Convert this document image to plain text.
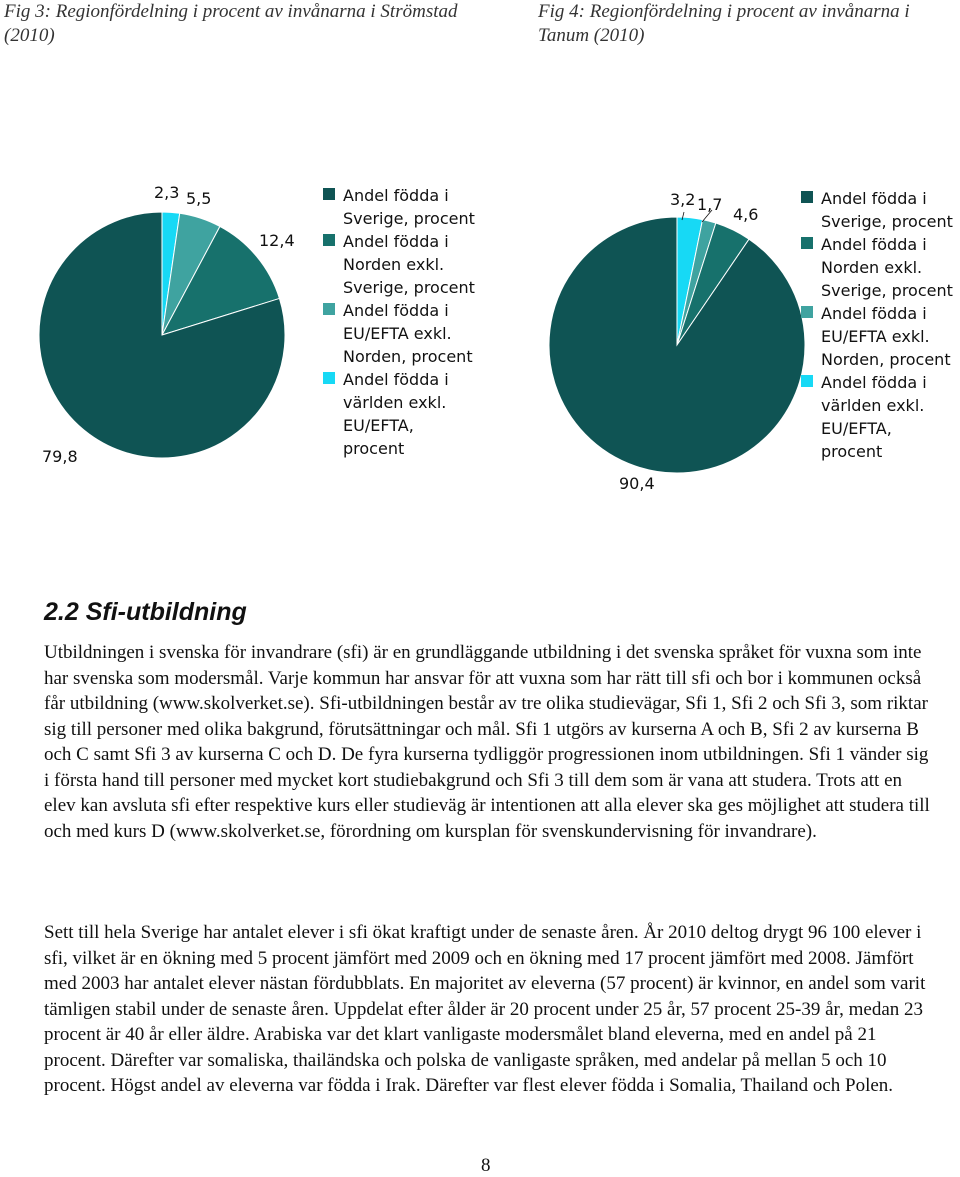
Fig 3: Regionfördelning i procent av invånarna i Strömstad (2010)
Fig 4: Regionfördelning i procent av invånarna i Tanum (2010)
79,8
12,4
5,5
2,3
90,4
4,6
1,7
3,2
Andel födda i
Sverige, procent
Andel födda i
Norden exkl.
Sverige, procent
Andel födda i
EU/EFTA exkl.
Norden, procent
Andel födda i
världen exkl.
EU/EFTA,
procent
Andel födda i
Sverige, procent
Andel födda i
Norden exkl.
Sverige, procent
Andel födda i
EU/EFTA exkl.
Norden, procent
Andel födda i
världen exkl.
EU/EFTA,
procent
2.2 Sfi-utbildning

Utbildningen i svenska för invandrare (sfi) är en grundläggande utbildning i det svenska språket för vuxna som inte har svenska som modersmål. Varje kommun har ansvar för att vuxna som har rätt till sfi och bor i kommunen också får utbildning (www.skolverket.se). Sfi-utbildningen består av tre olika studievägar, Sfi 1, Sfi 2 och Sfi 3, som riktar sig till personer med olika bakgrund, förutsättningar och mål. Sfi 1 utgörs av kurserna A och B, Sfi 2 av kurserna B och C samt Sfi 3 av kurserna C och D. De fyra kurserna tydliggör progressionen inom utbildningen. Sfi 1 vänder sig i första hand till personer med mycket kort studiebakgrund och Sfi 3 till dem som är vana att studera. Trots att en elev kan avsluta sfi efter respektive kurs eller studieväg är intentionen att alla elever ska ges möjlighet att studera till och med kurs D (www.skolverket.se, förordning om kursplan för svenskundervisning för invandrare).

Sett till hela Sverige har antalet elever i sfi ökat kraftigt under de senaste åren. År 2010 deltog drygt 96 100 elever i sfi, vilket är en ökning med 5 procent jämfört med 2009 och en ökning med 17 procent jämfört med 2008. Jämfört med 2003 har antalet elever nästan fördubblats. En majoritet av eleverna (57 procent) är kvinnor, en andel som varit tämligen stabil under de senaste åren. Uppdelat efter ålder är 20 procent under 25 år, 57 procent 25-39 år, medan 23 procent är 40 år eller äldre. Arabiska var det klart vanligaste modersmålet bland eleverna, med en andel på 21 procent. Därefter var somaliska, thailändska och polska de vanligaste språken, med andelar på mellan 5 och 10 procent. Högst andel av eleverna var födda i Irak. Därefter var flest elever födda i Somalia, Thailand och Polen.

8
